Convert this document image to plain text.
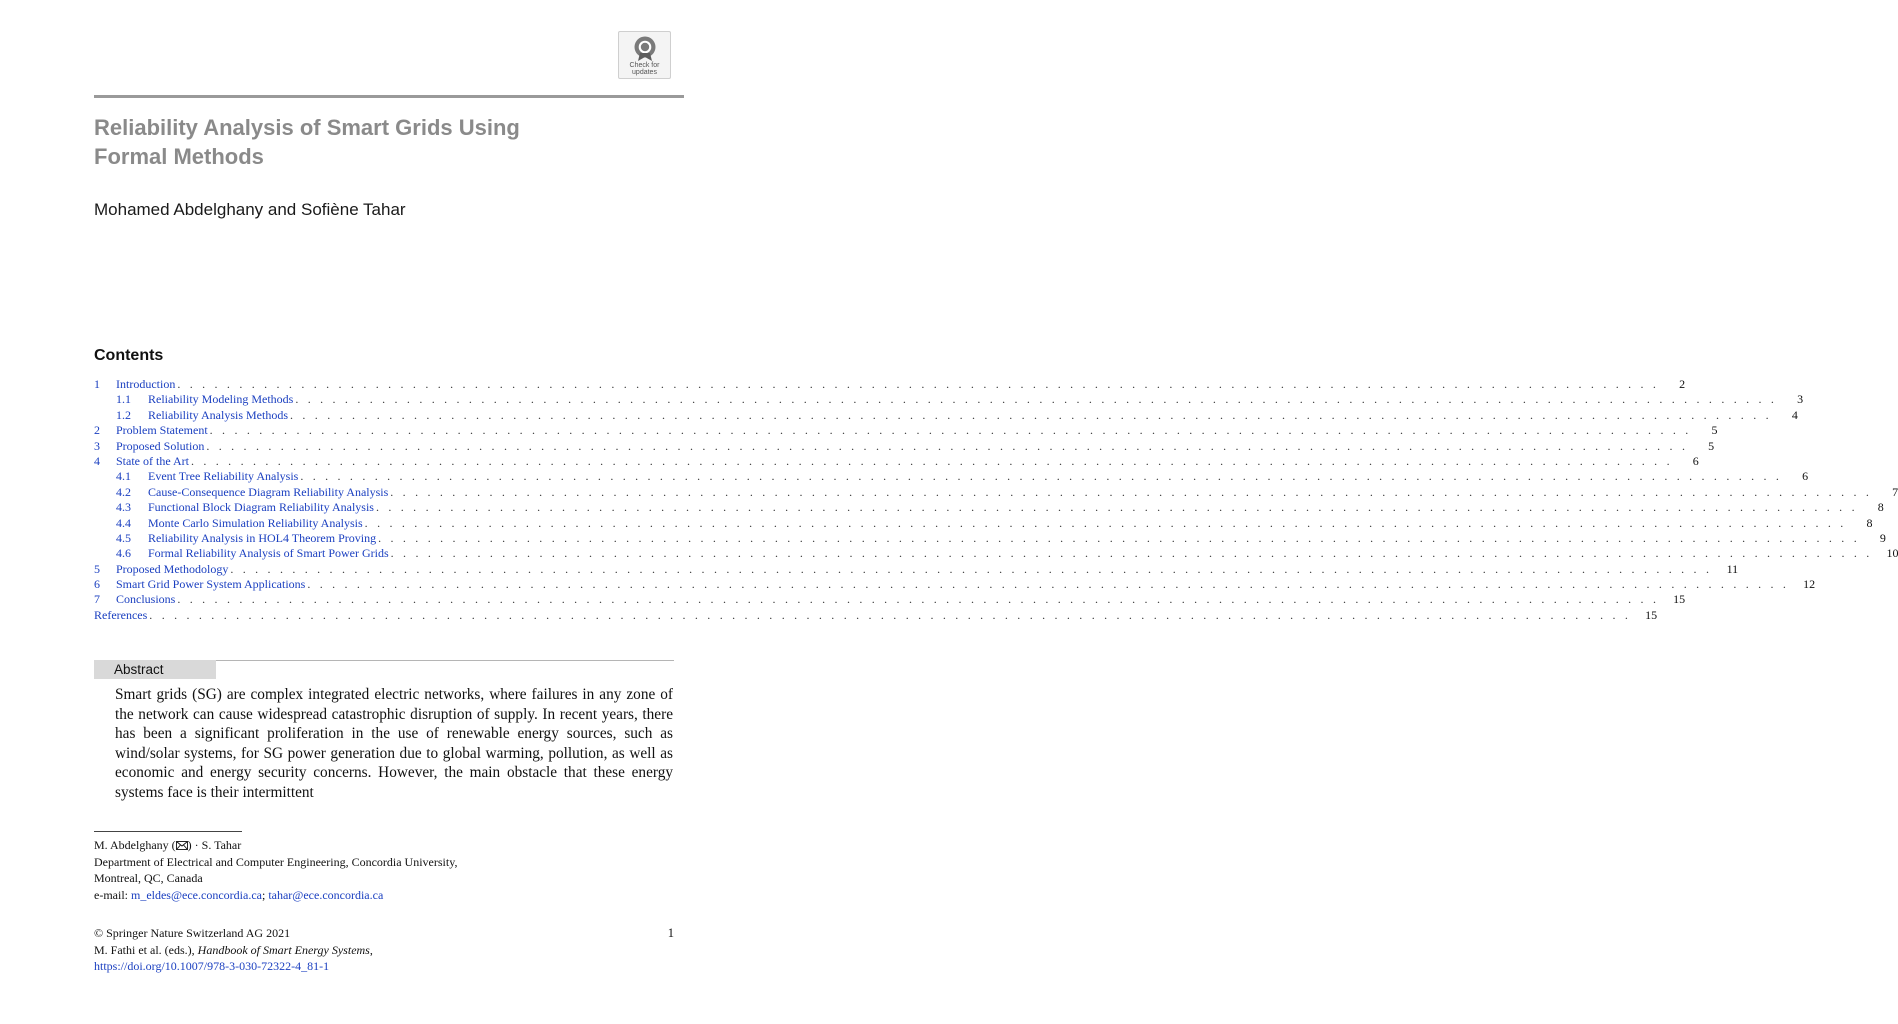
Check for
updates
Reliability Analysis of Smart Grids Using
Formal Methods
Mohamed Abdelghany and Sofiène Tahar
Contents
1	Introduction . . . . . . . . . . . . . . . . . . . . . . . . . . . . . . . . . . . . . . . . . . . . . . . . . . . . . . . . . . . . . . . . . . . . . . . . . . . . . . . . . . . . . . . . . . . . . . . . . . . . . . . . . . . . . . . . . . . . . . . .	2
1.1	Reliability Modeling Methods . . . . . . . . . . . . . . . . . . . . . . . . . . . . . . . . . . . . . . . . . . . . . . . . . . . . . . . . . . . . . . . . . . . . . . . . . . . . . . . . . . . . . . . . . . . . . . . . . . . . . . . . . . . . . . . . . . . . . . . .	3
1.2	Reliability Analysis Methods . . . . . . . . . . . . . . . . . . . . . . . . . . . . . . . . . . . . . . . . . . . . . . . . . . . . . . . . . . . . . . . . . . . . . . . . . . . . . . . . . . . . . . . . . . . . . . . . . . . . . . . . . . . . . . . . . . . . . . . .	4
2	Problem Statement . . . . . . . . . . . . . . . . . . . . . . . . . . . . . . . . . . . . . . . . . . . . . . . . . . . . . . . . . . . . . . . . . . . . . . . . . . . . . . . . . . . . . . . . . . . . . . . . . . . . . . . . . . . . . . . . . . . . . . . .	5
3	Proposed Solution . . . . . . . . . . . . . . . . . . . . . . . . . . . . . . . . . . . . . . . . . . . . . . . . . . . . . . . . . . . . . . . . . . . . . . . . . . . . . . . . . . . . . . . . . . . . . . . . . . . . . . . . . . . . . . . . . . . . . . . .	5
4	State of the Art . . . . . . . . . . . . . . . . . . . . . . . . . . . . . . . . . . . . . . . . . . . . . . . . . . . . . . . . . . . . . . . . . . . . . . . . . . . . . . . . . . . . . . . . . . . . . . . . . . . . . . . . . . . . . . . . . . . . . . . .	6
4.1	Event Tree Reliability Analysis . . . . . . . . . . . . . . . . . . . . . . . . . . . . . . . . . . . . . . . . . . . . . . . . . . . . . . . . . . . . . . . . . . . . . . . . . . . . . . . . . . . . . . . . . . . . . . . . . . . . . . . . . . . . . . . . . . . . . . . .	6
4.2	Cause-Consequence Diagram Reliability Analysis . . . . . . . . . . . . . . . . . . . . . . . . . . . . . . . . . . . . . . . . . . . . . . . . . . . . . . . . . . . . . . . . . . . . . . . . . . . . . . . . . . . . . . . . . . . . . . . . . . . . . . . . . . . . . . . . . . . . . . . .	7
4.3	Functional Block Diagram Reliability Analysis . . . . . . . . . . . . . . . . . . . . . . . . . . . . . . . . . . . . . . . . . . . . . . . . . . . . . . . . . . . . . . . . . . . . . . . . . . . . . . . . . . . . . . . . . . . . . . . . . . . . . . . . . . . . . . . . . . . . . . . .	8
4.4	Monte Carlo Simulation Reliability Analysis . . . . . . . . . . . . . . . . . . . . . . . . . . . . . . . . . . . . . . . . . . . . . . . . . . . . . . . . . . . . . . . . . . . . . . . . . . . . . . . . . . . . . . . . . . . . . . . . . . . . . . . . . . . . . . . . . . . . . . . .	8
4.5	Reliability Analysis in HOL4 Theorem Proving . . . . . . . . . . . . . . . . . . . . . . . . . . . . . . . . . . . . . . . . . . . . . . . . . . . . . . . . . . . . . . . . . . . . . . . . . . . . . . . . . . . . . . . . . . . . . . . . . . . . . . . . . . . . . . . . . . . . . . . .	9
4.6	Formal Reliability Analysis of Smart Power Grids . . . . . . . . . . . . . . . . . . . . . . . . . . . . . . . . . . . . . . . . . . . . . . . . . . . . . . . . . . . . . . . . . . . . . . . . . . . . . . . . . . . . . . . . . . . . . . . . . . . . . . . . . . . . . . . . . . . . . . . .	10
5	Proposed Methodology . . . . . . . . . . . . . . . . . . . . . . . . . . . . . . . . . . . . . . . . . . . . . . . . . . . . . . . . . . . . . . . . . . . . . . . . . . . . . . . . . . . . . . . . . . . . . . . . . . . . . . . . . . . . . . . . . . . . . . . .	11
6	Smart Grid Power System Applications . . . . . . . . . . . . . . . . . . . . . . . . . . . . . . . . . . . . . . . . . . . . . . . . . . . . . . . . . . . . . . . . . . . . . . . . . . . . . . . . . . . . . . . . . . . . . . . . . . . . . . . . . . . . . . . . . . . . . . . .	12
7	Conclusions . . . . . . . . . . . . . . . . . . . . . . . . . . . . . . . . . . . . . . . . . . . . . . . . . . . . . . . . . . . . . . . . . . . . . . . . . . . . . . . . . . . . . . . . . . . . . . . . . . . . . . . . . . . . . . . . . . . . . . . .	15
References . . . . . . . . . . . . . . . . . . . . . . . . . . . . . . . . . . . . . . . . . . . . . . . . . . . . . . . . . . . . . . . . . . . . . . . . . . . . . . . . . . . . . . . . . . . . . . . . . . . . . . . . . . . . . . . . . . . . . . . .	15
Abstract
Smart grids (SG) are complex integrated electric networks, where failures in any zone of the network can cause widespread catastrophic disruption of supply. In recent years, there has been a significant proliferation in the use of renewable energy sources, such as wind/solar systems, for SG power generation due to global warming, pollution, as well as economic and energy security concerns. However, the main obstacle that these energy systems face is their intermittent
M. Abdelghany ( ) · S. Tahar
Department of Electrical and Computer Engineering, Concordia University,
Montreal, QC, Canada
e-mail: m_eldes@ece.concordia.ca; tahar@ece.concordia.ca
© Springer Nature Switzerland AG 2021
M. Fathi et al. (eds.), Handbook of Smart Energy Systems,
https://doi.org/10.1007/978-3-030-72322-4_81-1
1
